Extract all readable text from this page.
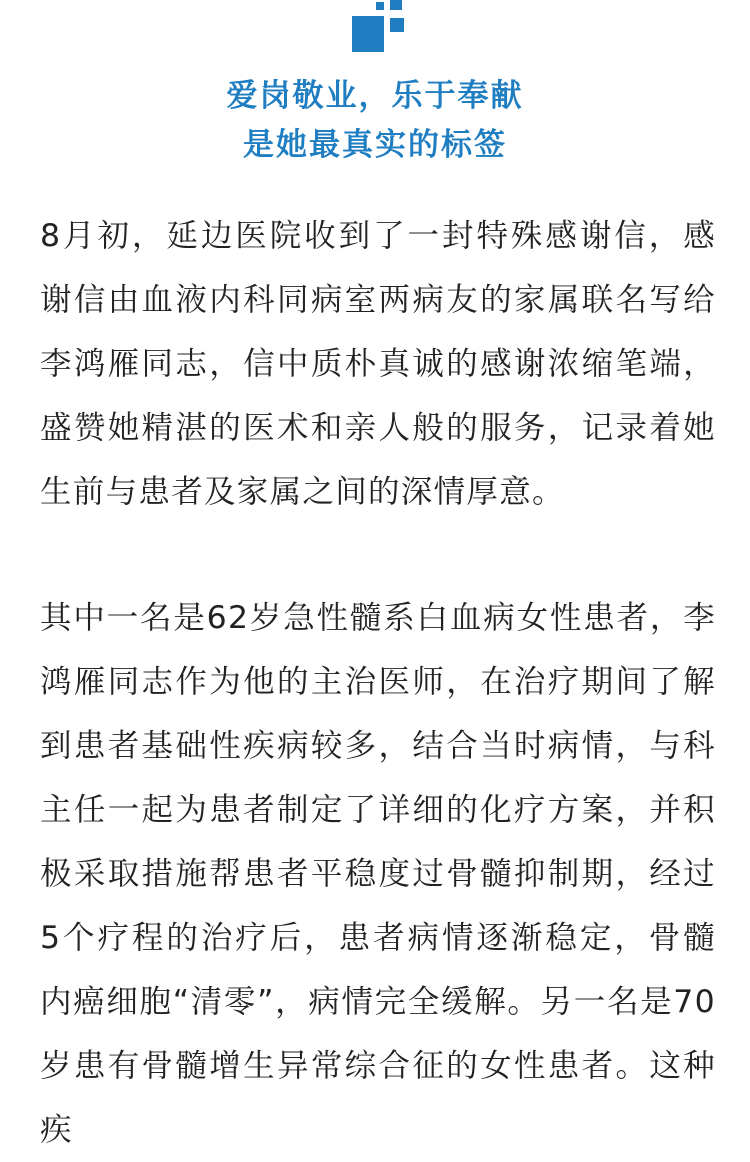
爱岗敬业，乐于奉献
是她最真实的标签

8月初，延边医院收到了一封特殊感谢信，感谢信由血液内科同病室两病友的家属联名写给李鸿雁同志，信中质朴真诚的感谢浓缩笔端，盛赞她精湛的医术和亲人般的服务，记录着她生前与患者及家属之间的深情厚意。

其中一名是62岁急性髓系白血病女性患者，李鸿雁同志作为他的主治医师，在治疗期间了解到患者基础性疾病较多，结合当时病情，与科主任一起为患者制定了详细的化疗方案，并积极采取措施帮患者平稳度过骨髓抑制期，经过5个疗程的治疗后，患者病情逐渐稳定，骨髓内癌细胞“清零”，病情完全缓解。另一名是70岁患有骨髓增生异常综合征的女性患者。这种疾
